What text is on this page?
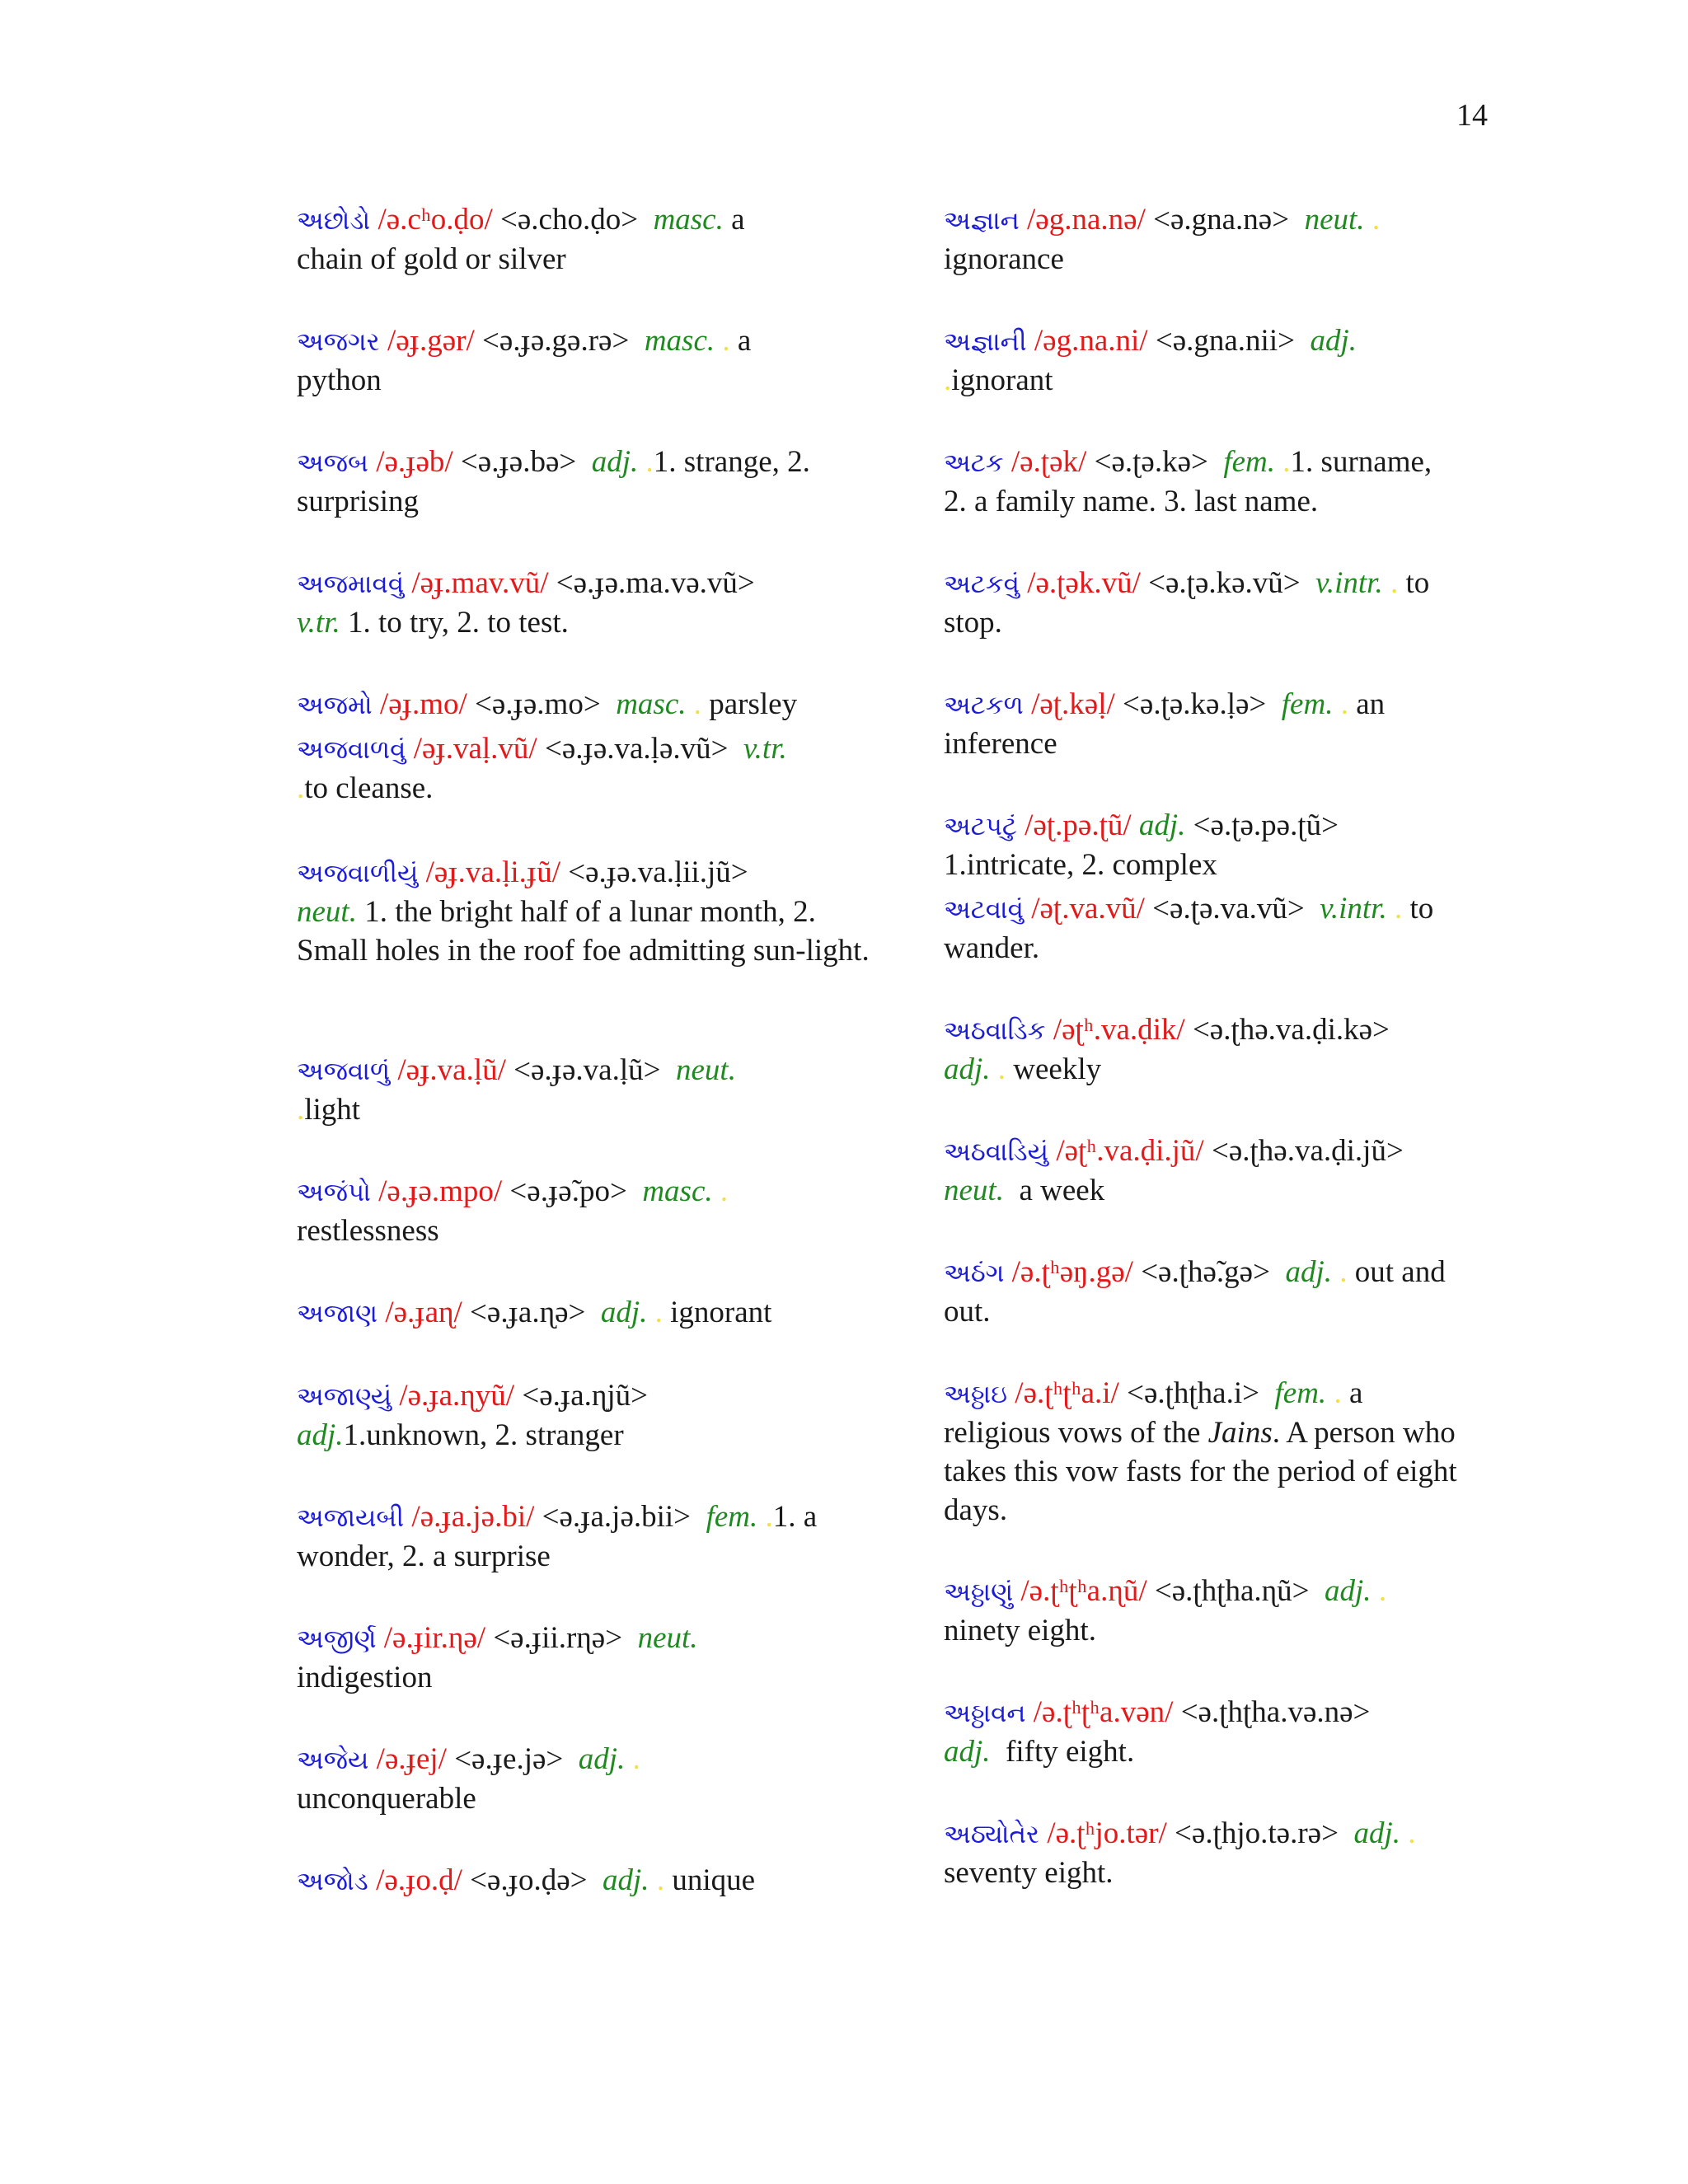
14
અછોડો /ə.cʰo.ḍo/ <ə.cho.ḍo> masc. a
chain of gold or silver
અજગર /əɟ.gər/ <ə.ɟə.gə.rə> masc. . a
python
અજબ /ə.ɟəb/ <ə.ɟə.bə> adj. .1. strange, 2.
surprising
અજમાવવું /əɟ.mav.vũ/ <ə.ɟə.ma.və.vũ>
v.tr. 1. to try, 2. to test.
અજમો /əɟ.mo/ <ə.ɟə.mo> masc. . parsley
અજવાળવું /əɟ.vaḷ.vũ/ <ə.ɟə.va.ḷə.vũ> v.tr.
.to cleanse.
અજવાળીયું /əɟ.va.ḷi.ɟũ/ <ə.ɟə.va.ḷii.jũ>
neut. 1. the bright half of a lunar month, 2. Small holes in the roof foe admitting sun-light.
અજવાળું /əɟ.va.ḷũ/ <ə.ɟə.va.ḷũ> neut.
.light
અજંપો /ə.ɟə.mpo/ <ə.ɟə̃.po> masc. .
restlessness
અજાણ /ə.ɟaɳ/ <ə.ɟa.ɳə> adj. . ignorant
અજાણ્યું /ə.ɟa.ɳyũ/ <ə.ɟa.ɳjũ>
adj.1.unknown, 2. stranger
અજાયબી /ə.ɟa.jə.bi/ <ə.ɟa.jə.bii> fem. .1. a
wonder, 2. a surprise
અજીર્ણ /ə.ɟir.ɳə/ <ə.ɟii.rɳə> neut.
indigestion
અજેય /ə.ɟej/ <ə.ɟe.jə> adj. .
unconquerable
અજોડ /ə.ɟo.ḍ/ <ə.ɟo.ḍə> adj. . unique
અજ્ઞાન /əg.na.nə/ <ə.gna.nə> neut. .
ignorance
અજ્ઞાની /əg.na.ni/ <ə.gna.nii> adj.
.ignorant
અટક /ə.ʈək/ <ə.ʈə.kə> fem. .1. surname,
2. a family name. 3. last name.
અટકવું /ə.ʈək.vũ/ <ə.ʈə.kə.vũ> v.intr. . to
stop.
અટકળ /əʈ.kəḷ/ <ə.ʈə.kə.ḷə> fem. . an
inference
અટપટું /əʈ.pə.ʈũ/ adj. <ə.ʈə.pə.ʈũ>
1.intricate, 2. complex
અટવાવું /əʈ.va.vũ/ <ə.ʈə.va.vũ> v.intr. . to
wander.
અઠવાડિક /əʈʰ.va.ḍik/ <ə.ʈhə.va.ḍi.kə>
adj. . weekly
અઠવાડિયું /əʈʰ.va.ḍi.jũ/ <ə.ʈhə.va.ḍi.jũ>
neut. a week
અઠંગ /ə.ʈʰəŋ.gə/ <ə.ʈhə̃.gə> adj. . out and
out.
અઠ્ઠાઇ /ə.ʈʰʈʰa.i/ <ə.ʈhʈha.i> fem. . a
religious vows of the Jains. A person who takes this vow fasts for the period of eight days.
અઠ્ઠાણું /ə.ʈʰʈʰa.ɳũ/ <ə.ʈhʈha.ɳũ> adj. .
ninety eight.
અઠ્ઠાવન /ə.ʈʰʈʰa.vən/ <ə.ʈhʈha.və.nə>
adj. fifty eight.
અઠ્યોતેર /ə.ʈʰjo.tər/ <ə.ʈhjo.tə.rə> adj. .
seventy eight.
